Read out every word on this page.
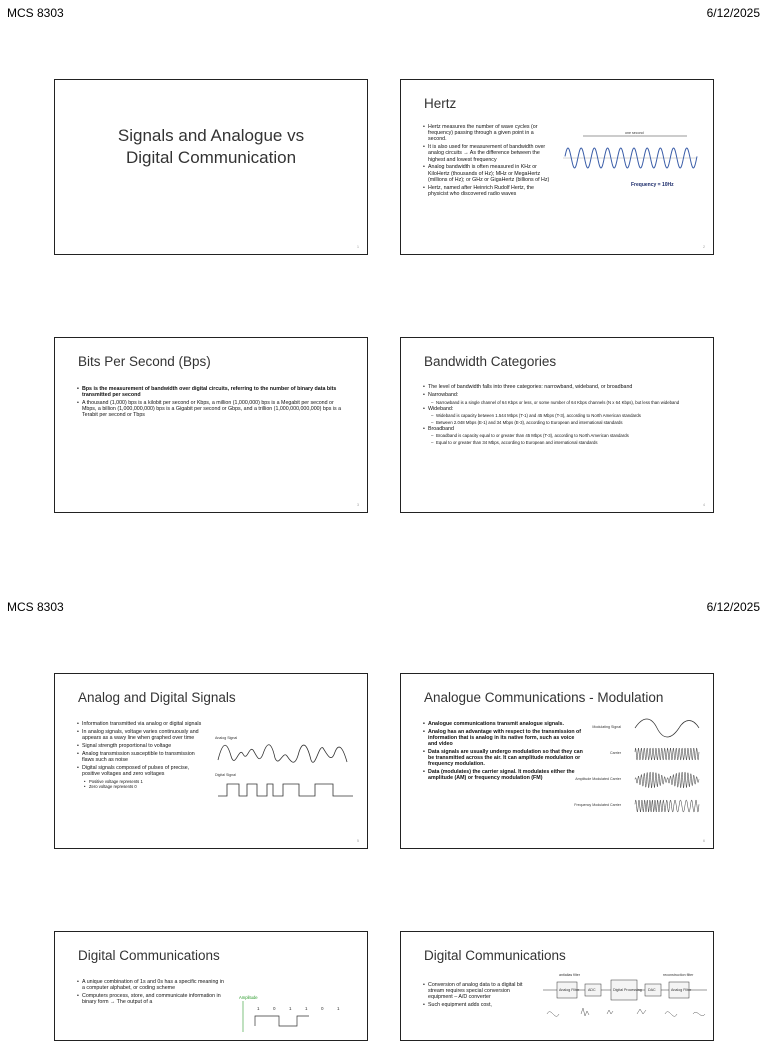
MCS 8303	6/12/2025
Signals and Analogue vs
Digital Communication
1
Hertz
• Hertz measures the number of wave cycles (or frequency) passing through a given point in a second.
• It is also used for measurement of bandwidth over analog circuits → As the difference between the highest and lowest frequency
• Analog bandwidth is often measured in KHz or KiloHertz (thousands of Hz); MHz or MegaHertz (millions of Hz); or GHz or GigaHertz (billions of Hz)
• Hertz, named after Heinrich Rudolf Hertz, the physicist who discovered radio waves
one second
Frequency = 10Hz
2
Bits Per Second (Bps)
• Bps is the measurement of bandwidth over digital circuits, referring to the number of binary data bits transmitted per second
• A thousand (1,000) bps is a kilobit per second or Kbps, a million (1,000,000) bps is a Megabit per second or Mbps, a billion (1,000,000,000) bps is a Gigabit per second or Gbps, and a trillion (1,000,000,000,000) bps is a Terabit per second or Tbps
3
Bandwidth Categories
• The level of bandwidth falls into three categories: narrowband, wideband, or broadband
• Narrowband:
– Narrowband is a single channel of 64 Kbps or less, or some number of 64 Kbps channels (N x 64 Kbps), but less than wideband
• Wideband:
– Wideband is capacity between 1.544 Mbps (T-1) and 45 Mbps (T-3), according to North American standards
– Between 2.048 Mbps (E-1) and 34 Mbps (E-3), according to European and international standards
• Broadband
– Broadband is capacity equal to or greater than 45 Mbps (T-3), according to North American standards
– Equal to or greater than 34 Mbps, according to European and international standards
4
MCS 8303	6/12/2025
Analog and Digital Signals
• Information transmitted via analog or digital signals
• In analog signals, voltage varies continuously and appears as a wavy line when graphed over time
• Signal strength proportional to voltage
• Analog transmission susceptible to transmission flaws such as noise
• Digital signals composed of pulses of precise, positive voltages and zero voltages
• Positive voltage represents 1
• Zero voltage represents 0
Analog Signal
Digital Signal
5
Analogue Communications - Modulation
• Analogue communications transmit analogue signals.
• Analog has an advantage with respect to the transmission of information that is analog in its native form, such as voice and video
• Data signals are usually undergo modulation so that they can be transmitted across the air. It can amplitude modulation or frequency modulation.
• Data (modulates) the carrier signal. It modulates either the amplitude (AM) or frequency modulation (FM)
Modulating Signal
Carrier
Amplitude Modulated Carrier
Frequency Modulated Carrier
6
Digital Communications
• A unique combination of 1s and 0s has a specific meaning in a computer alphabet, or coding scheme
• Computers process, store, and communicate information in binary form → The output of a
Amplitude
1	0	1	1	0	1
Digital Communications
• Conversion of analog data to a digital bit stream requires special conversion equipment – A/D converter
• Such equipment adds cost,
antialias filter	reconstruction filter
Analog Filter ADC	Digital Processing DAC	Analog Filter
